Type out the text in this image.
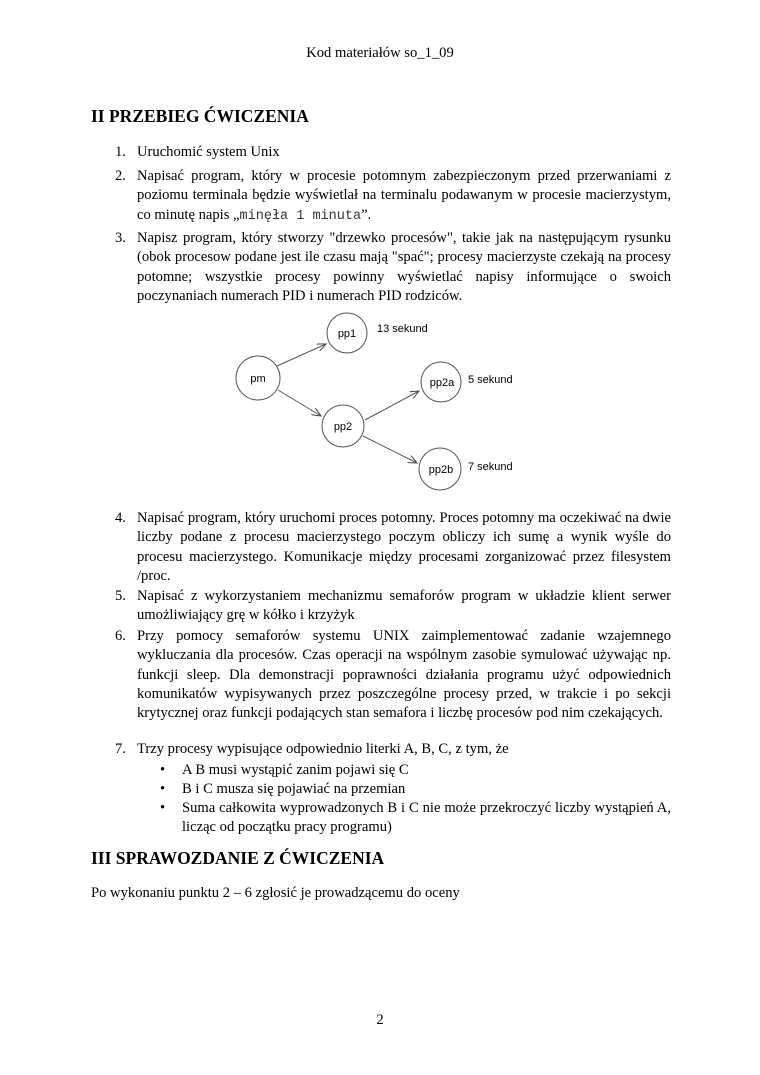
Kod materiałów so_1_09
II PRZEBIEG ĆWICZENIA
1. Uruchomić system Unix
2. Napisać program, który w procesie potomnym zabezpieczonym przed przerwaniami z poziomu terminala będzie wyświetlał na terminalu podawanym w procesie macierzystym, co minutę napis „minęła 1 minuta”.
3. Napisz program, który stworzy "drzewko procesów", takie jak na następującym rysunku (obok procesow podane jest ile czasu mają "spać"; procesy macierzyste czekają na procesy potomne; wszystkie procesy powinny wyświetlać napisy informujące o swoich poczynaniach numerach PID i numerach PID rodziców.
pm
pp1
pp2a
pp2
pp2b
13 sekund
5 sekund
7 sekund
4. Napisać program, który uruchomi proces potomny. Proces potomny ma oczekiwać na dwie liczby podane z procesu macierzystego poczym obliczy ich sumę a wynik wyśle do procesu macierzystego. Komunikacje między procesami zorganizować przez filesystem /proc.
5. Napisać z wykorzystaniem mechanizmu semaforów program w układzie klient serwer umożliwiający grę w kółko i krzyżyk
6. Przy pomocy semaforów systemu UNIX zaimplementować zadanie wzajemnego wykluczania dla procesów. Czas operacji na wspólnym zasobie symulować używając np. funkcji sleep. Dla demonstracji poprawności działania programu użyć odpowiednich komunikatów wypisywanych przez poszczególne procesy przed, w trakcie i po sekcji krytycznej oraz funkcji podających stan semafora i liczbę procesów pod nim czekających.
7. Trzy procesy wypisujące odpowiednio literki A, B, C, z tym, że
• A B musi wystąpić zanim pojawi się C
• B i C musza się pojawiać na przemian
• Suma całkowita wyprowadzonych B i C nie może przekroczyć liczby wystąpień A, licząc od początku pracy programu)
III SPRAWOZDANIE Z ĆWICZENIA
Po wykonaniu punktu 2 – 6 zgłosić je prowadzącemu do oceny
2
